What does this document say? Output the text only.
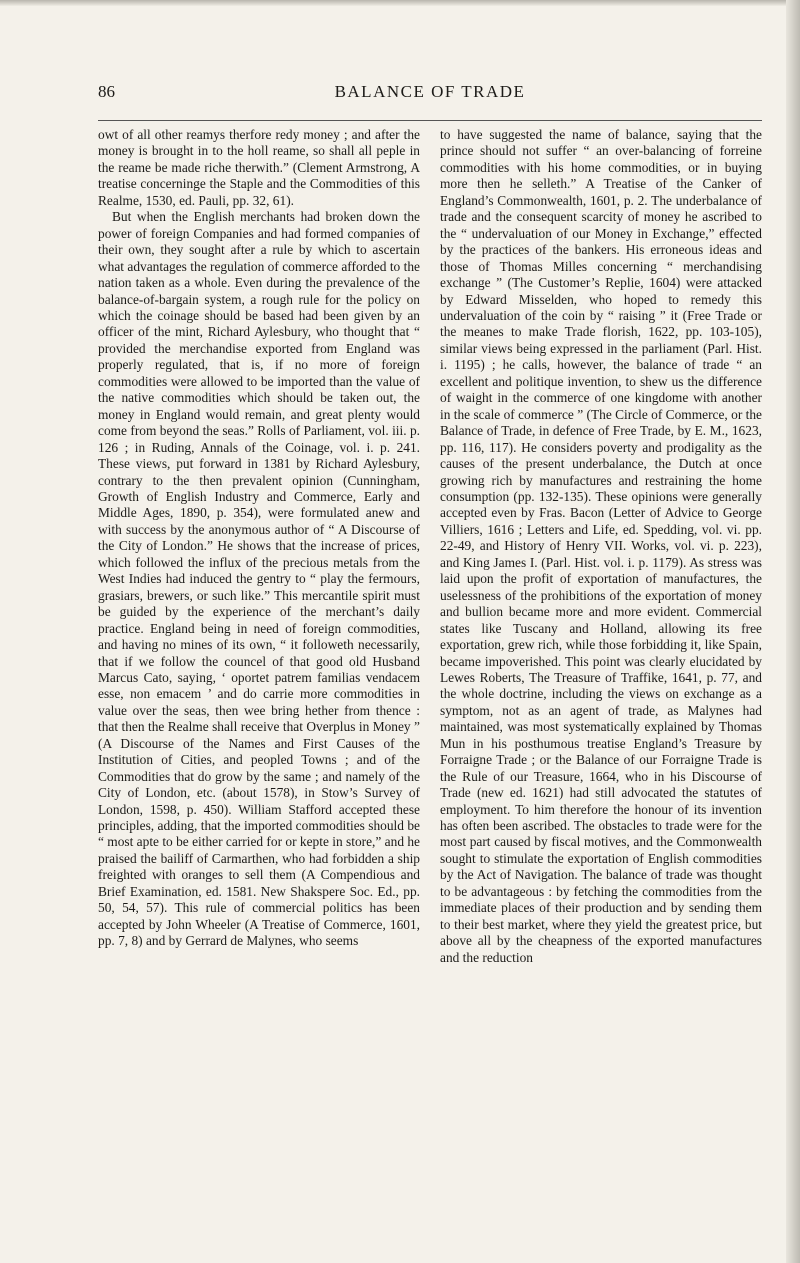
86	BALANCE OF TRADE

owt of all other reamys therfore redy money ; and after the money is brought in to the holl reame, so shall all peple in the reame be made riche therwith.” (Clement Armstrong, A treatise concerninge the Staple and the Commodities of this Realme, 1530, ed. Pauli, pp. 32, 61).

But when the English merchants had broken down the power of foreign Companies and had formed companies of their own, they sought after a rule by which to ascertain what advantages the regulation of commerce afforded to the nation taken as a whole. Even during the prevalence of the balance-of-bargain system, a rough rule for the policy on which the coinage should be based had been given by an officer of the mint, Richard Aylesbury, who thought that “ provided the merchandise exported from England was properly regulated, that is, if no more of foreign commodities were allowed to be imported than the value of the native commodities which should be taken out, the money in England would remain, and great plenty would come from beyond the seas.” Rolls of Parliament, vol. iii. p. 126 ; in Ruding, Annals of the Coinage, vol. i. p. 241. These views, put forward in 1381 by Richard Aylesbury, contrary to the then prevalent opinion (Cunningham, Growth of English Industry and Commerce, Early and Middle Ages, 1890, p. 354), were formulated anew and with success by the anonymous author of “ A Discourse of the City of London.” He shows that the increase of prices, which followed the influx of the precious metals from the West Indies had induced the gentry to “ play the fermours, grasiars, brewers, or such like.” This mercantile spirit must be guided by the experience of the merchant’s daily practice. England being in need of foreign commodities, and having no mines of its own, “ it followeth necessarily, that if we follow the councel of that good old Husband Marcus Cato, saying, ‘ oportet patrem familias vendacem esse, non emacem ’ and do carrie more commodities in value over the seas, then wee bring hether from thence : that then the Realme shall receive that Overplus in Money ” (A Discourse of the Names and First Causes of the Institution of Cities, and peopled Towns ; and of the Commodities that do grow by the same ; and namely of the City of London, etc. (about 1578), in Stow’s Survey of London, 1598, p. 450). William Stafford accepted these principles, adding, that the imported commodities should be “ most apte to be either carried for or kepte in store,” and he praised the bailiff of Carmarthen, who had forbidden a ship freighted with oranges to sell them (A Compendious and Brief Examination, ed. 1581. New Shakspere Soc. Ed., pp. 50, 54, 57). This rule of commercial politics has been accepted by John Wheeler (A Treatise of Commerce, 1601, pp. 7, 8) and by Gerrard de Malynes, who seems

to have suggested the name of balance, saying that the prince should not suffer “ an over-balancing of forreine commodities with his home commodities, or in buying more then he selleth.” A Treatise of the Canker of England’s Commonwealth, 1601, p. 2. The underbalance of trade and the consequent scarcity of money he ascribed to the “ undervaluation of our Money in Exchange,” effected by the practices of the bankers. His erroneous ideas and those of Thomas Milles concerning “ merchandising exchange ” (The Customer’s Replie, 1604) were attacked by Edward Misselden, who hoped to remedy this undervaluation of the coin by “ raising ” it (Free Trade or the meanes to make Trade florish, 1622, pp. 103-105), similar views being expressed in the parliament (Parl. Hist. i. 1195) ; he calls, however, the balance of trade “ an excellent and politique invention, to shew us the difference of waight in the commerce of one kingdome with another in the scale of commerce ” (The Circle of Commerce, or the Balance of Trade, in defence of Free Trade, by E. M., 1623, pp. 116, 117). He considers poverty and prodigality as the causes of the present underbalance, the Dutch at once growing rich by manufactures and restraining the home consumption (pp. 132-135). These opinions were generally accepted even by Fras. Bacon (Letter of Advice to George Villiers, 1616 ; Letters and Life, ed. Spedding, vol. vi. pp. 22-49, and History of Henry VII. Works, vol. vi. p. 223), and King James I. (Parl. Hist. vol. i. p. 1179). As stress was laid upon the profit of exportation of manufactures, the uselessness of the prohibitions of the exportation of money and bullion became more and more evident. Commercial states like Tuscany and Holland, allowing its free exportation, grew rich, while those forbidding it, like Spain, became impoverished. This point was clearly elucidated by Lewes Roberts, The Treasure of Traffike, 1641, p. 77, and the whole doctrine, including the views on exchange as a symptom, not as an agent of trade, as Malynes had maintained, was most systematically explained by Thomas Mun in his posthumous treatise England’s Treasure by Forraigne Trade ; or the Balance of our Forraigne Trade is the Rule of our Treasure, 1664, who in his Discourse of Trade (new ed. 1621) had still advocated the statutes of employment. To him therefore the honour of its invention has often been ascribed. The obstacles to trade were for the most part caused by fiscal motives, and the Commonwealth sought to stimulate the exportation of English commodities by the Act of Navigation. The balance of trade was thought to be advantageous : by fetching the commodities from the immediate places of their production and by sending them to their best market, where they yield the greatest price, but above all by the cheapness of the exported manufactures and the reduction
